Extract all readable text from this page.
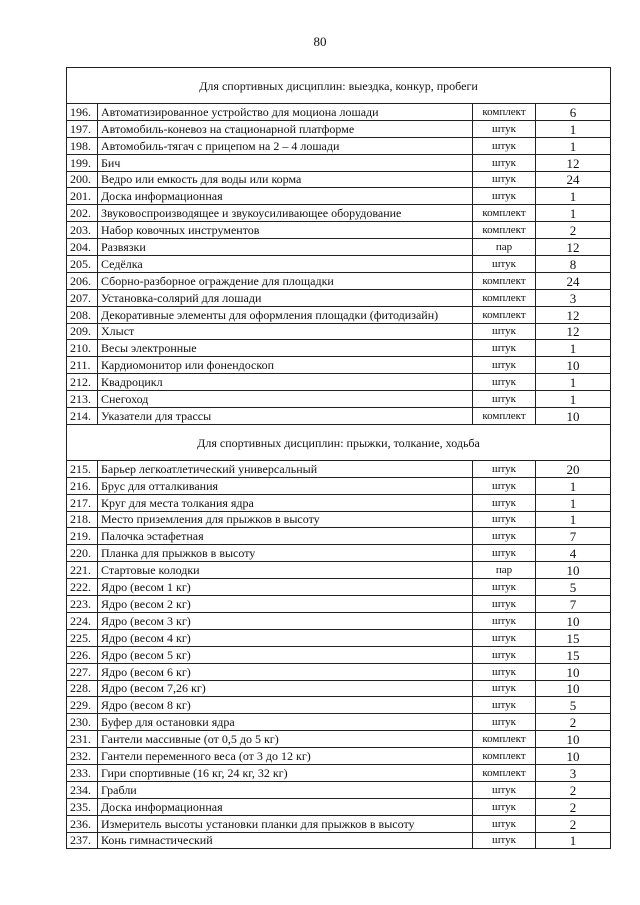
80
Для спортивных дисциплин: выездка, конкур, пробеги			
196.	Автоматизированное устройство для моциона лошади	комплект	6
197.	Автомобиль-коневоз на стационарной платформе	штук	1
198.	Автомобиль-тягач с прицепом на 2 – 4 лошади	штук	1
199.	Бич	штук	12
200.	Ведро или емкость для воды или корма	штук	24
201.	Доска информационная	штук	1
202.	Звуковоспроизводящее и звукоусиливающее оборудование	комплект	1
203.	Набор ковочных инструментов	комплект	2
204.	Развязки	пар	12
205.	Седёлка	штук	8
206.	Сборно-разборное ограждение для площадки	комплект	24
207.	Установка-солярий для лошади	комплект	3
208.	Декоративные элементы для оформления площадки (фитодизайн)	комплект	12
209.	Хлыст	штук	12
210.	Весы электронные	штук	1
211.	Кардиомонитор или фонендоскоп	штук	10
212.	Квадроцикл	штук	1
213.	Снегоход	штук	1
214.	Указатели для трассы	комплект	10
Для спортивных дисциплин: прыжки, толкание, ходьба			
215.	Барьер легкоатлетический универсальный	штук	20
216.	Брус для отталкивания	штук	1
217.	Круг для места толкания ядра	штук	1
218.	Место приземления для прыжков в высоту	штук	1
219.	Палочка эстафетная	штук	7
220.	Планка для прыжков в высоту	штук	4
221.	Стартовые колодки	пар	10
222.	Ядро (весом 1 кг)	штук	5
223.	Ядро (весом 2 кг)	штук	7
224.	Ядро (весом 3 кг)	штук	10
225.	Ядро (весом 4 кг)	штук	15
226.	Ядро (весом 5 кг)	штук	15
227.	Ядро (весом 6 кг)	штук	10
228.	Ядро (весом 7,26 кг)	штук	10
229.	Ядро (весом 8 кг)	штук	5
230.	Буфер для остановки ядра	штук	2
231.	Гантели массивные (от 0,5 до 5 кг)	комплект	10
232.	Гантели переменного веса (от 3 до 12 кг)	комплект	10
233.	Гири спортивные (16 кг, 24 кг, 32 кг)	комплект	3
234.	Грабли	штук	2
235.	Доска информационная	штук	2
236.	Измеритель высоты установки планки для прыжков в высоту	штук	2
237.	Конь гимнастический	штук	1
